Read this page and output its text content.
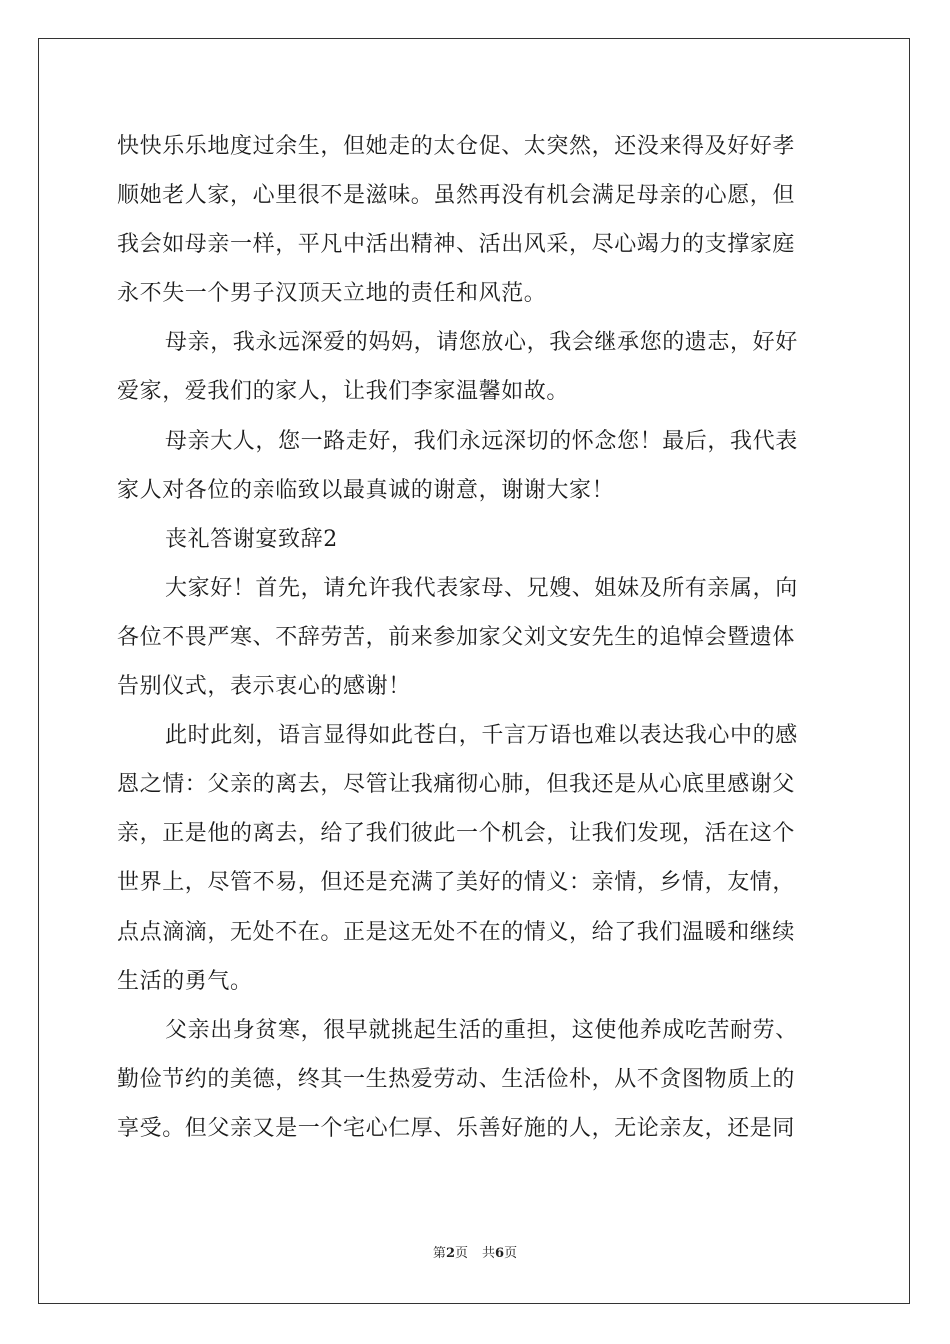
快快乐乐地度过余生，但她走的太仓促、太突然，还没来得及好好孝
顺她老人家，心里很不是滋味。虽然再没有机会满足母亲的心愿，但
我会如母亲一样，平凡中活出精神、活出风采，尽心竭力的支撑家庭
永不失一个男子汉顶天立地的责任和风范。
母亲，我永远深爱的妈妈，请您放心，我会继承您的遗志，好好
爱家，爱我们的家人，让我们李家温馨如故。
母亲大人，您一路走好，我们永远深切的怀念您！最后，我代表
家人对各位的亲临致以最真诚的谢意，谢谢大家！
丧礼答谢宴致辞2
大家好！首先，请允许我代表家母、兄嫂、姐妹及所有亲属，向
各位不畏严寒、不辞劳苦，前来参加家父刘文安先生的追悼会暨遗体
告别仪式，表示衷心的感谢！
此时此刻，语言显得如此苍白，千言万语也难以表达我心中的感
恩之情：父亲的离去，尽管让我痛彻心肺，但我还是从心底里感谢父
亲，正是他的离去，给了我们彼此一个机会，让我们发现，活在这个
世界上，尽管不易，但还是充满了美好的情义：亲情，乡情，友情，
点点滴滴，无处不在。正是这无处不在的情义，给了我们温暖和继续
生活的勇气。
父亲出身贫寒，很早就挑起生活的重担，这使他养成吃苦耐劳、
勤俭节约的美德，终其一生热爱劳动、生活俭朴，从不贪图物质上的
享受。但父亲又是一个宅心仁厚、乐善好施的人，无论亲友，还是同
第2页 共6页
